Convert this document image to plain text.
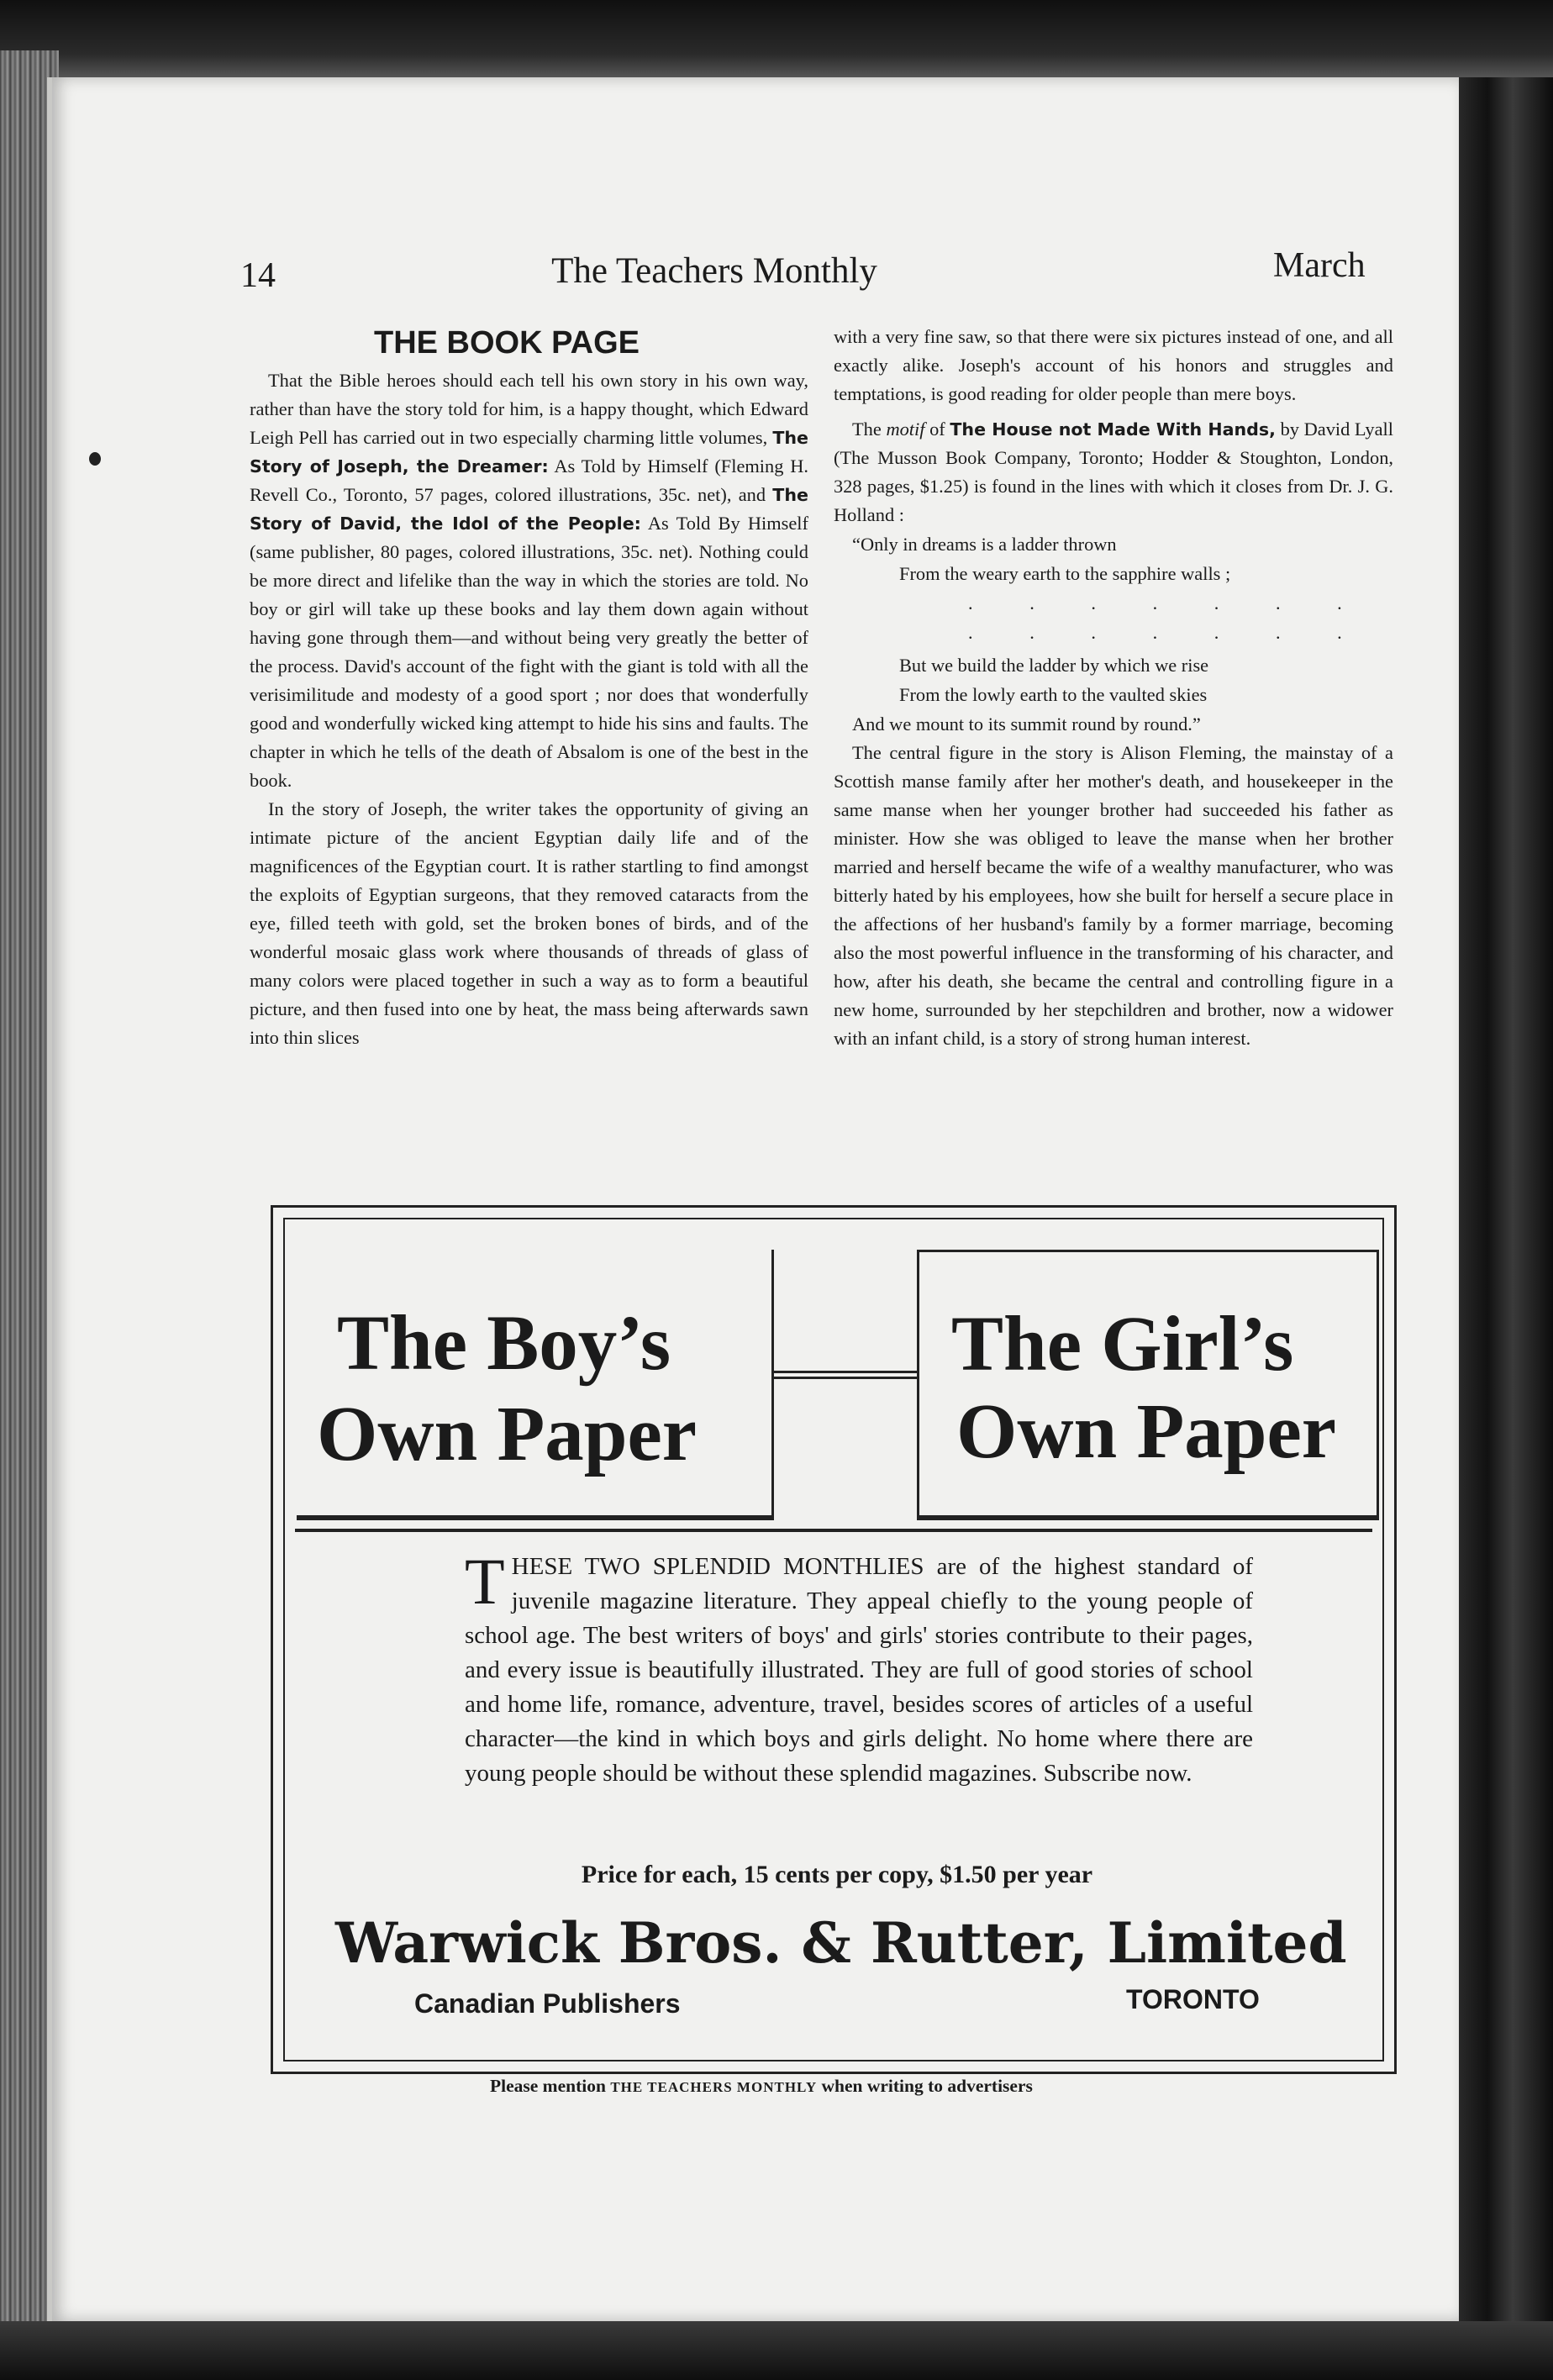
14	The Teachers Monthly	March
THE BOOK PAGE

That the Bible heroes should each tell his own story in his own way, rather than have the story told for him, is a happy thought, which Edward Leigh Pell has carried out in two especially charming little volumes, The Story of Joseph, the Dreamer: As Told by Himself (Fleming H. Revell Co., Toronto, 57 pages, colored illustrations, 35c. net), and The Story of David, the Idol of the People: As Told By Himself (same publisher, 80 pages, colored illustrations, 35c. net). Nothing could be more direct and lifelike than the way in which the stories are told. No boy or girl will take up these books and lay them down again without having gone through them—and without being very greatly the better of the process. David's account of the fight with the giant is told with all the verisimilitude and modesty of a good sport ; nor does that wonderfully good and wonderfully wicked king attempt to hide his sins and faults. The chapter in which he tells of the death of Absalom is one of the best in the book.

In the story of Joseph, the writer takes the opportunity of giving an intimate picture of the ancient Egyptian daily life and of the magnificences of the Egyptian court. It is rather startling to find amongst the exploits of Egyptian surgeons, that they removed cataracts from the eye, filled teeth with gold, set the broken bones of birds, and of the wonderful mosaic glass work where thousands of threads of glass of many colors were placed together in such a way as to form a beautiful picture, and then fused into one by heat, the mass being afterwards sawn into thin slices

with a very fine saw, so that there were six pictures instead of one, and all exactly alike. Joseph's account of his honors and struggles and temptations, is good reading for older people than mere boys.

The motif of The House not Made With Hands, by David Lyall (The Musson Book Company, Toronto; Hodder & Stoughton, London, 328 pages, $1.25) is found in the lines with which it closes from Dr. J. G. Holland :

“Only in dreams is a ladder thrown
From the weary earth to the sapphire walls ;
. . . . . . .
. . . . . . .
But we build the ladder by which we rise
From the lowly earth to the vaulted skies
And we mount to its summit round by round.”

The central figure in the story is Alison Fleming, the mainstay of a Scottish manse family after her mother's death, and housekeeper in the same manse when her younger brother had succeeded his father as minister. How she was obliged to leave the manse when her brother married and herself became the wife of a wealthy manufacturer, who was bitterly hated by his employees, how she built for herself a secure place in the affections of her husband's family by a former marriage, becoming also the most powerful influence in the transforming of his character, and how, after his death, she became the central and controlling figure in a new home, surrounded by her stepchildren and brother, now a widower with an infant child, is a story of strong human interest.

The Boy’s
Own Paper
The Girl’s
Own Paper
THESE TWO SPLENDID MONTHLIES are of the highest standard of juvenile magazine literature. They appeal chiefly to the young people of school age. The best writers of boys' and girls' stories contribute to their pages, and every issue is beautifully illustrated. They are full of good stories of school and home life, romance, adventure, travel, besides scores of articles of a useful character—the kind in which boys and girls delight. No home where there are young people should be without these splendid magazines. Subscribe now.
Price for each, 15 cents per copy, $1.50 per year
Warwick Bros. & Rutter, Limited
Canadian Publishers	TORONTO
Please mention THE TEACHERS MONTHLY when writing to advertisers
